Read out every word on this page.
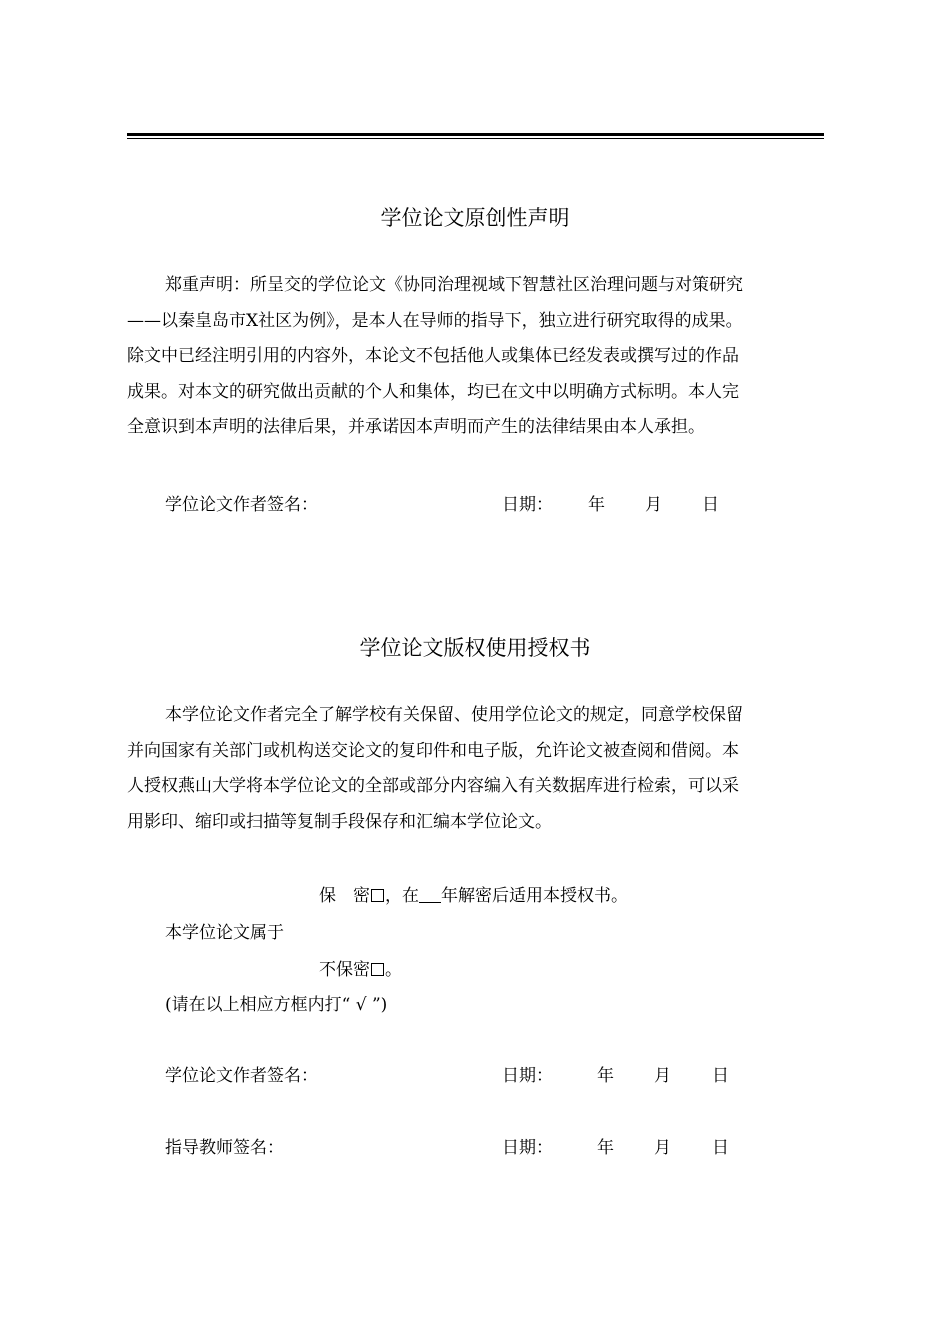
学位论文原创性声明
郑重声明：所呈交的学位论文《协同治理视域下智慧社区治理问题与对策研究
——以秦皇岛市X社区为例》，是本人在导师的指导下，独立进行研究取得的成果。
除文中已经注明引用的内容外，本论文不包括他人或集体已经发表或撰写过的作品
成果。对本文的研究做出贡献的个人和集体，均已在文中以明确方式标明。本人完
全意识到本声明的法律后果，并承诺因本声明而产生的法律结果由本人承担。
学位论文作者签名：	日期： 年 月 日
学位论文版权使用授权书
本学位论文作者完全了解学校有关保留、使用学位论文的规定，同意学校保留
并向国家有关部门或机构送交论文的复印件和电子版，允许论文被查阅和借阅。本
人授权燕山大学将本学位论文的全部或部分内容编入有关数据库进行检索，可以采
用影印、缩印或扫描等复制手段保存和汇编本学位论文。
保　密 ，在 年解密后适用本授权书。
本学位论文属于
不保密 。
(请在以上相应方框内打“ √ ”)
学位论文作者签名：	日期：	年 月 日
指导教师签名：	日期：	年 月 日
